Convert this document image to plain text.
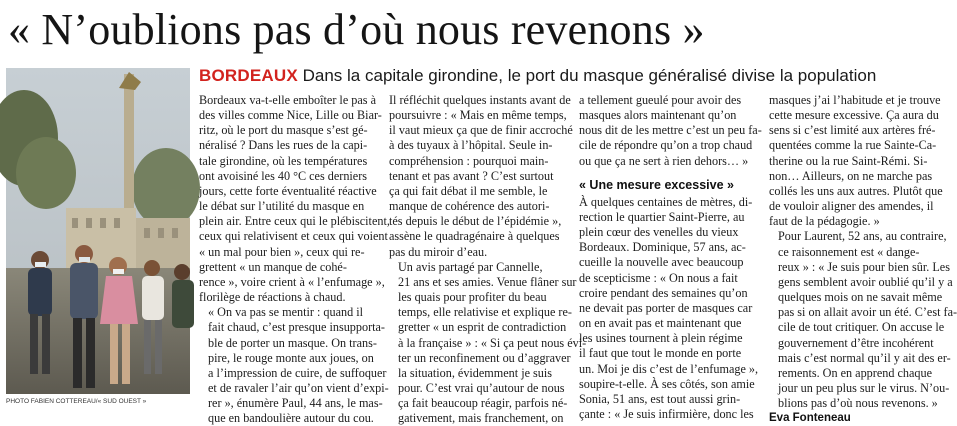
« N’oublions pas d’où nous revenons »
PHOTO FABIEN COTTEREAU/« SUD OUEST »
BORDEAUX Dans la capitale girondine, le port du masque généralisé divise la population

Bordeaux va-t-elle emboîter le pas à
des villes comme Nice, Lille ou Biar-
ritz, où le port du masque s’est gé-
néralisé ? Dans les rues de la capi-
tale girondine, où les températures
ont avoisiné les 40 °C ces derniers
jours, cette forte éventualité réactive
le débat sur l’utilité du masque en
plein air. Entre ceux qui le plébiscitent,
ceux qui relativisent et ceux qui voient
« un mal pour bien », ceux qui re-
grettent « un manque de cohé-
rence », voire crient à « l’enfumage »,
florilège de réactions à chaud.

« On va pas se mentir : quand il
fait chaud, c’est presque insupporta-
ble de porter un masque. On trans-
pire, le rouge monte aux joues, on
a l’impression de cuire, de suffoquer
et de ravaler l’air qu’on vient d’expi-
rer », énumère Paul, 44 ans, le mas-
que en bandoulière autour du cou.

Il réfléchit quelques instants avant de
poursuivre : « Mais en même temps,
il vaut mieux ça que de finir accroché
à des tuyaux à l’hôpital. Seule in-
compréhension : pourquoi main-
tenant et pas avant ? C’est surtout
ça qui fait débat il me semble, le
manque de cohérence des autori-
tés depuis le début de l’épidémie »,
assène le quadragénaire à quelques
pas du miroir d’eau.

Un avis partagé par Cannelle,
21 ans et ses amies. Venue flâner sur
les quais pour profiter du beau
temps, elle relativise et explique re-
gretter « un esprit de contradiction
à la française » : « Si ça peut nous évi-
ter un reconfinement ou d’aggraver
la situation, évidemment je suis
pour. C’est vrai qu’autour de nous
ça fait beaucoup réagir, parfois né-
gativement, mais franchement, on

a tellement gueulé pour avoir des
masques alors maintenant qu’on
nous dit de les mettre c’est un peu fa-
cile de répondre qu’on a trop chaud
ou que ça ne sert à rien dehors… »

« Une mesure excessive »

À quelques centaines de mètres, di-
rection le quartier Saint-Pierre, au
plein cœur des venelles du vieux
Bordeaux. Dominique, 57 ans, ac-
cueille la nouvelle avec beaucoup
de scepticisme : « On nous a fait
croire pendant des semaines qu’on
ne devait pas porter de masques car
on en avait pas et maintenant que
les usines tournent à plein régime
il faut que tout le monde en porte
un. Moi je dis c’est de l’enfumage »,
soupire-t-elle. À ses côtés, son amie
Sonia, 51 ans, est tout aussi grin-
çante : « Je suis infirmière, donc les

masques j’ai l’habitude et je trouve
cette mesure excessive. Ça aura du
sens si c’est limité aux artères fré-
quentées comme la rue Sainte-Ca-
therine ou la rue Saint-Rémi. Si-
non… Ailleurs, on ne marche pas
collés les uns aux autres. Plutôt que
de vouloir aligner des amendes, il
faut de la pédagogie. »

Pour Laurent, 52 ans, au contraire,
ce raisonnement est « dange-
reux » : « Je suis pour bien sûr. Les
gens semblent avoir oublié qu’il y a
quelques mois on ne savait même
pas si on allait avoir un été. C’est fa-
cile de tout critiquer. On accuse le
gouvernement d’être incohérent
mais c’est normal qu’il y ait des er-
rements. On en apprend chaque
jour un peu plus sur le virus. N’ou-
blions pas d’où nous revenons. »

Eva Fonteneau
